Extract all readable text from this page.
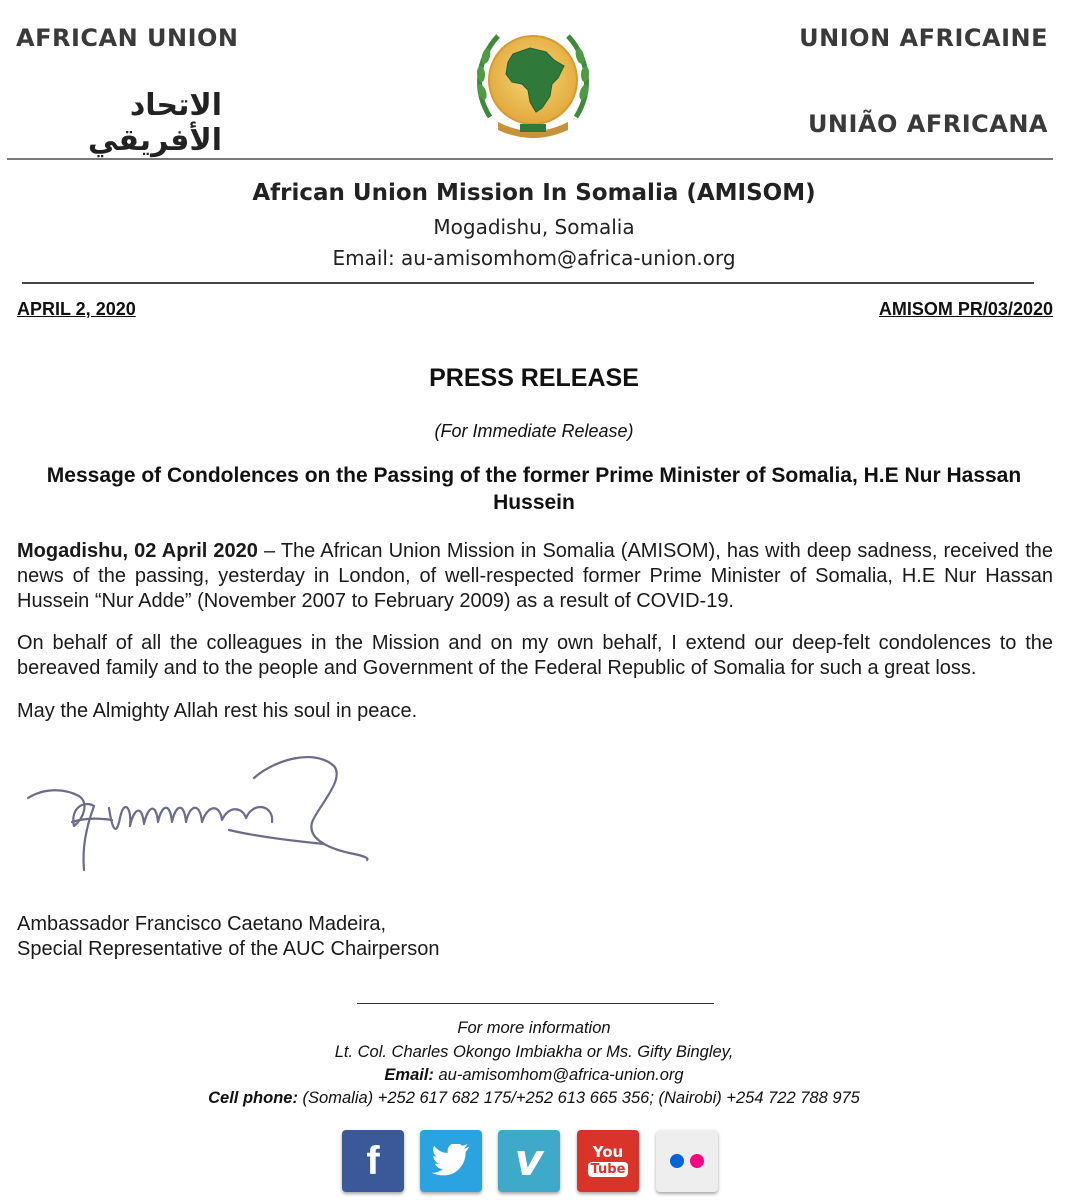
AFRICAN UNION
الاتحاد الأفريقي
UNION AFRICAINE
UNIÃO AFRICANA
African Union Mission In Somalia (AMISOM)
Mogadishu, Somalia
Email: au-amisomhom@africa-union.org
APRIL 2, 2020	AMISOM PR/03/2020
PRESS RELEASE
(For Immediate Release)
Message of Condolences on the Passing of the former Prime Minister of Somalia, H.E Nur Hassan Hussein
Mogadishu, 02 April 2020 – The African Union Mission in Somalia (AMISOM), has with deep sadness, received the news of the passing, yesterday in London, of well-respected former Prime Minister of Somalia, H.E Nur Hassan Hussein “Nur Adde” (November 2007 to February 2009) as a result of COVID-19.
On behalf of all the colleagues in the Mission and on my own behalf, I extend our deep-felt condolences to the bereaved family and to the people and Government of the Federal Republic of Somalia for such a great loss.
May the Almighty Allah rest his soul in peace.
Ambassador Francisco Caetano Madeira,
Special Representative of the AUC Chairperson
For more information
Lt. Col. Charles Okongo Imbiakha or Ms. Gifty Bingley,
Email: au-amisomhom@africa-union.org
Cell phone: (Somalia) +252 617 682 175/+252 613 665 356; (Nairobi) +254 722 788 975
f	v	You
Tube
